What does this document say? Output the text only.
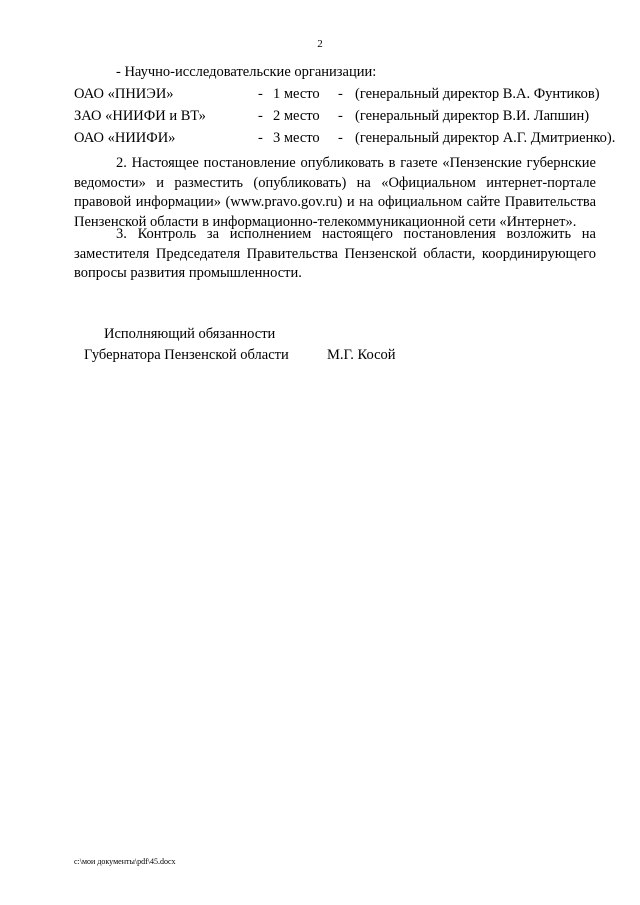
2
- Научно-исследовательские организации:
ОАО «ПНИЭИ»	- 1 место - (генеральный директор В.А. Фунтиков)
ЗАО «НИИФИ и ВТ»	- 2 место - (генеральный директор В.И. Лапшин)
ОАО «НИИФИ»	- 3 место - (генеральный директор А.Г. Дмитриенко).

2. Настоящее постановление опубликовать в газете «Пензенские губернские ведомости» и разместить (опубликовать) на «Официальном интернет-портале правовой информации» (www.pravo.gov.ru) и на официальном сайте Правительства Пензенской области в информационно-телекоммуникационной сети «Интернет».

3. Контроль за исполнением настоящего постановления возложить на заместителя Председателя Правительства Пензенской области, координирующего вопросы развития промышленности.

Исполняющий обязанности
Губернатора Пензенской области	М.Г. Косой
c:\мои документы\pdf\45.docx
